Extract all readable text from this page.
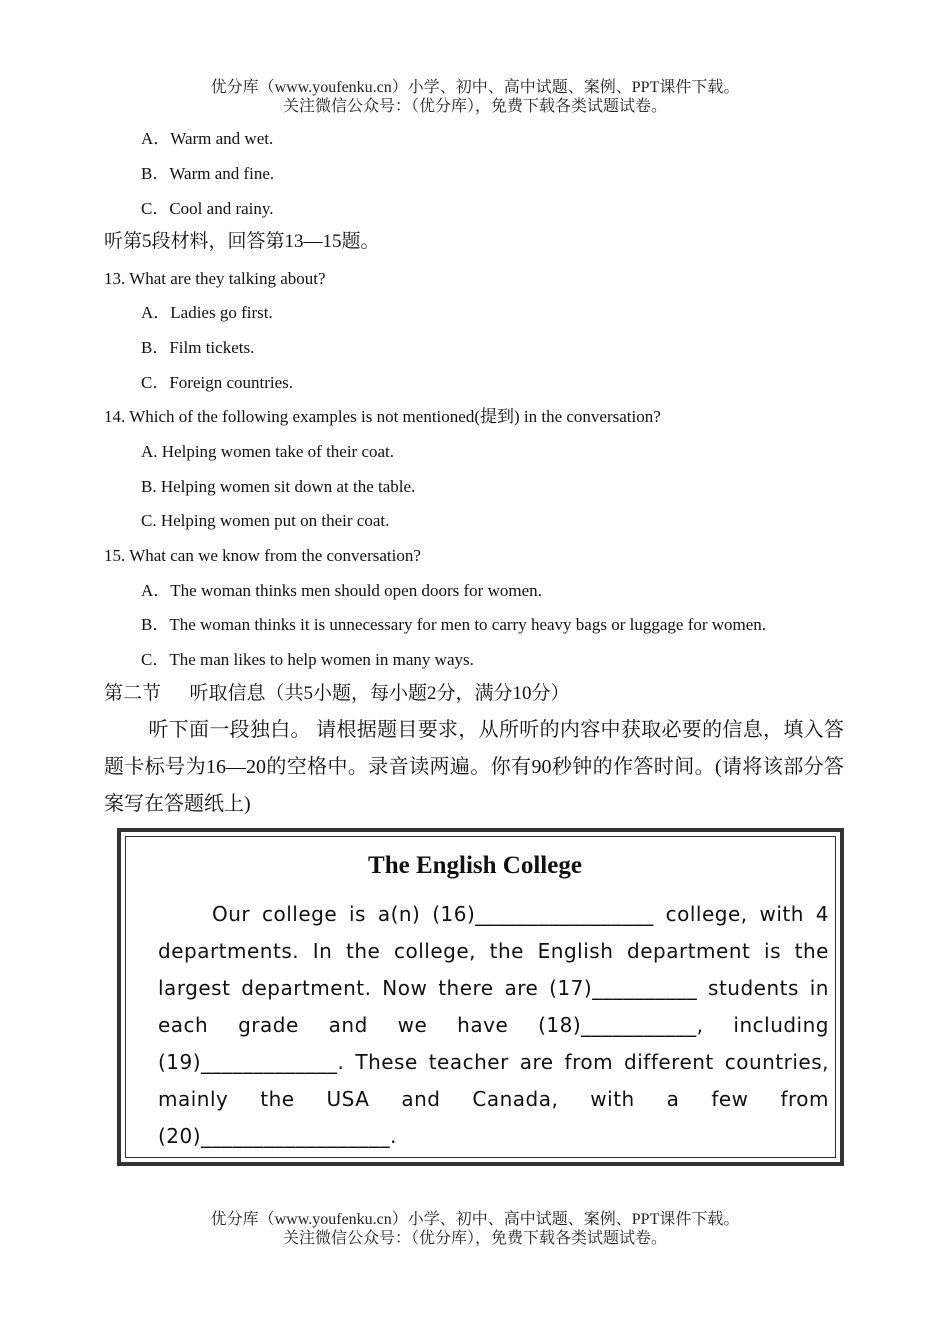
优分库（www.youfenku.cn）小学、初中、高中试题、案例、PPT课件下载。
关注微信公众号：（优分库），免费下载各类试题试卷。
A．Warm and wet.
B．Warm and fine.
C．Cool and rainy.
听第5段材料，回答第13—15题。
13. What are they talking about?
A．Ladies go first.
B．Film tickets.
C．Foreign countries.
14. Which of the following examples is not mentioned(提到) in the conversation?
A. Helping women take of their coat.
B. Helping women sit down at the table.
C. Helping women put on their coat.
15. What can we know from the conversation?
A．The woman thinks men should open doors for women.
B．The woman thinks it is unnecessary for men to carry heavy bags or luggage for women.
C．The man likes to help women in many ways.
第二节      听取信息（共5小题，每小题2分，满分10分）

听下面一段独白。 请根据题目要求，从所听的内容中获取必要的信息，填入答题卡标号为16—20的空格中。录音读两遍。你有90秒钟的作答时间。(请将该部分答案写在答题纸上)

The English College
Our college is a(n) (16)_________________ college, with 4 departments. In the college, the English department is the largest department. Now there are (17)__________ students in each grade and we have (18)___________, including (19)_____________. These teacher are from different countries, mainly the USA and Canada, with a few from (20)__________________.
优分库（www.youfenku.cn）小学、初中、高中试题、案例、PPT课件下载。
关注微信公众号：（优分库），免费下载各类试题试卷。
